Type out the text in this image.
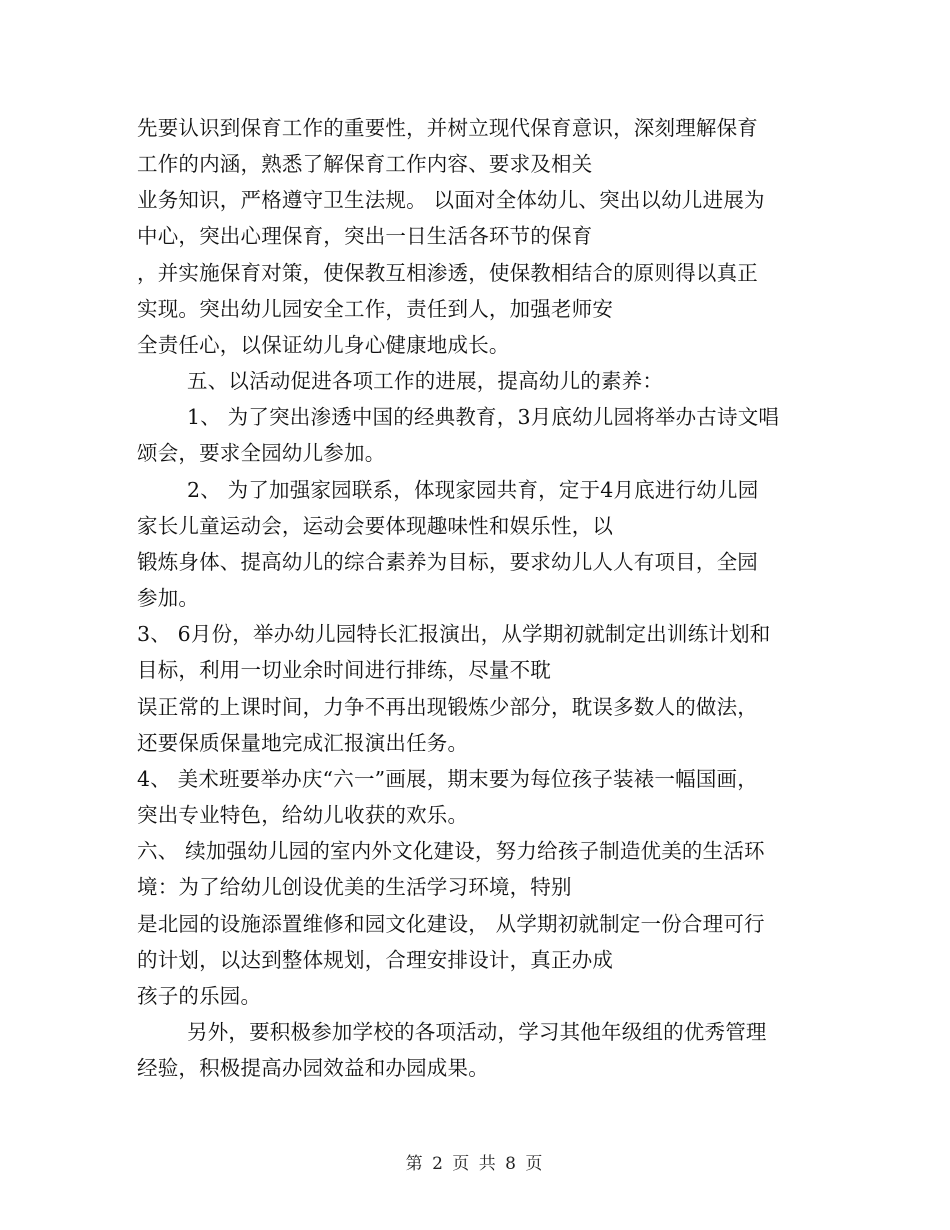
先要认识到保育工作的重要性，并树立现代保育意识，深刻理解保育
工作的内涵，熟悉了解保育工作内容、要求及相关
业务知识，严格遵守卫生法规。 以面对全体幼儿、突出以幼儿进展为
中心，突出心理保育，突出一日生活各环节的保育
，并实施保育对策，使保教互相渗透，使保教相结合的原则得以真正
实现。突出幼儿园安全工作，责任到人，加强老师安
全责任心，以保证幼儿身心健康地成长。
五、以活动促进各项工作的进展，提高幼儿的素养：
1、 为了突出渗透中国的经典教育，3月底幼儿园将举办古诗文唱
颂会，要求全园幼儿参加。
2、 为了加强家园联系，体现家园共育，定于4月底进行幼儿园
家长儿童运动会，运动会要体现趣味性和娱乐性，以
锻炼身体、提高幼儿的综合素养为目标，要求幼儿人人有项目，全园
参加。
3、 6月份，举办幼儿园特长汇报演出，从学期初就制定出训练计划和
目标，利用一切业余时间进行排练，尽量不耽
误正常的上课时间，力争不再出现锻炼少部分，耽误多数人的做法，
还要保质保量地完成汇报演出任务。
4、 美术班要举办庆“六一”画展，期末要为每位孩子装裱一幅国画，
突出专业特色，给幼儿收获的欢乐。
六、 续加强幼儿园的室内外文化建设，努力给孩子制造优美的生活环
境：为了给幼儿创设优美的生活学习环境，特别
是北园的设施添置维修和园文化建设， 从学期初就制定一份合理可行
的计划，以达到整体规划，合理安排设计，真正办成
孩子的乐园。
另外，要积极参加学校的各项活动，学习其他年级组的优秀管理
经验，积极提高办园效益和办园成果。
第 2 页 共 8 页
